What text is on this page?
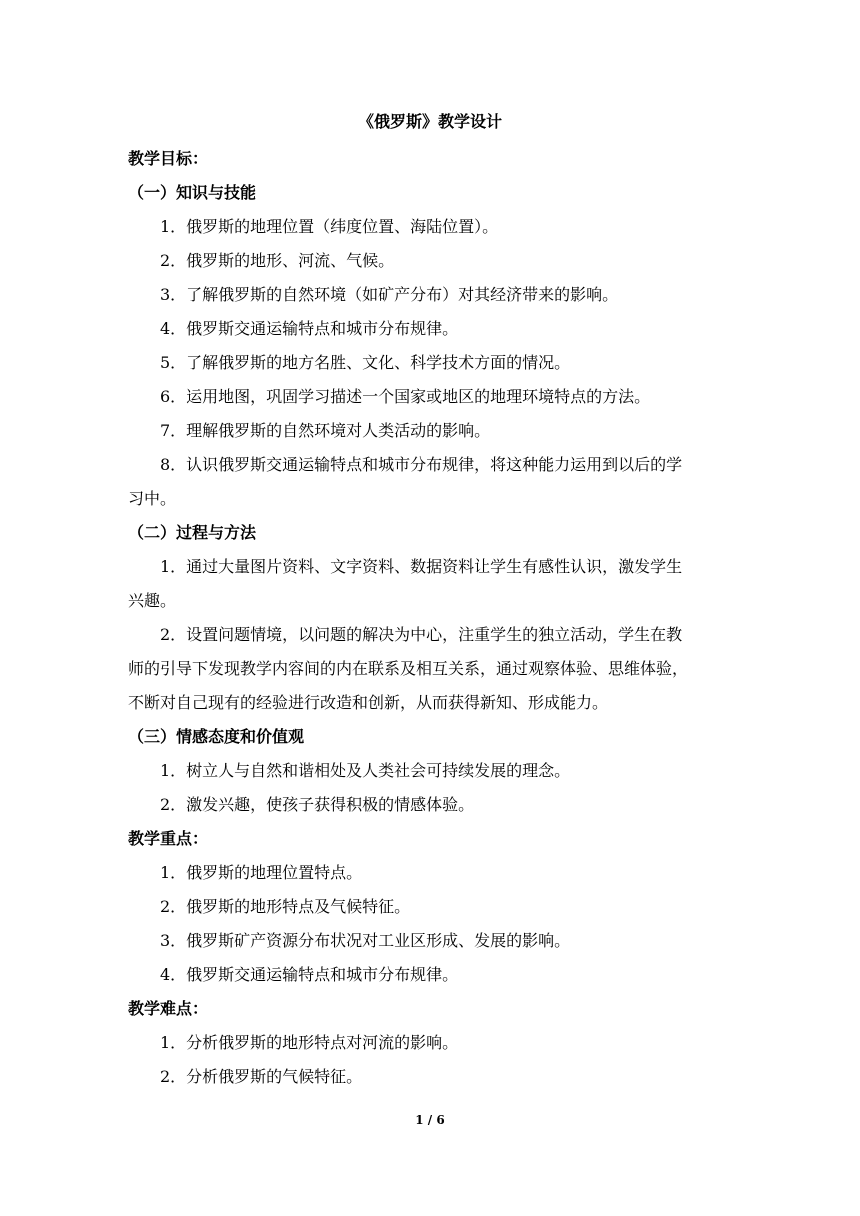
《俄罗斯》教学设计
教学目标：
（一）知识与技能
1．俄罗斯的地理位置（纬度位置、海陆位置）。
2．俄罗斯的地形、河流、气候。
3．了解俄罗斯的自然环境（如矿产分布）对其经济带来的影响。
4．俄罗斯交通运输特点和城市分布规律。
5．了解俄罗斯的地方名胜、文化、科学技术方面的情况。
6．运用地图，巩固学习描述一个国家或地区的地理环境特点的方法。
7．理解俄罗斯的自然环境对人类活动的影响。
8．认识俄罗斯交通运输特点和城市分布规律，将这种能力运用到以后的学
习中。
（二）过程与方法
1．通过大量图片资料、文字资料、数据资料让学生有感性认识，激发学生
兴趣。
2．设置问题情境，以问题的解决为中心，注重学生的独立活动，学生在教
师的引导下发现教学内容间的内在联系及相互关系，通过观察体验、思维体验，
不断对自己现有的经验进行改造和创新，从而获得新知、形成能力。
（三）情感态度和价值观
1．树立人与自然和谐相处及人类社会可持续发展的理念。
2．激发兴趣，使孩子获得积极的情感体验。
教学重点：
1．俄罗斯的地理位置特点。
2．俄罗斯的地形特点及气候特征。
3．俄罗斯矿产资源分布状况对工业区形成、发展的影响。
4．俄罗斯交通运输特点和城市分布规律。
教学难点：
1．分析俄罗斯的地形特点对河流的影响。
2．分析俄罗斯的气候特征。
1 / 6
